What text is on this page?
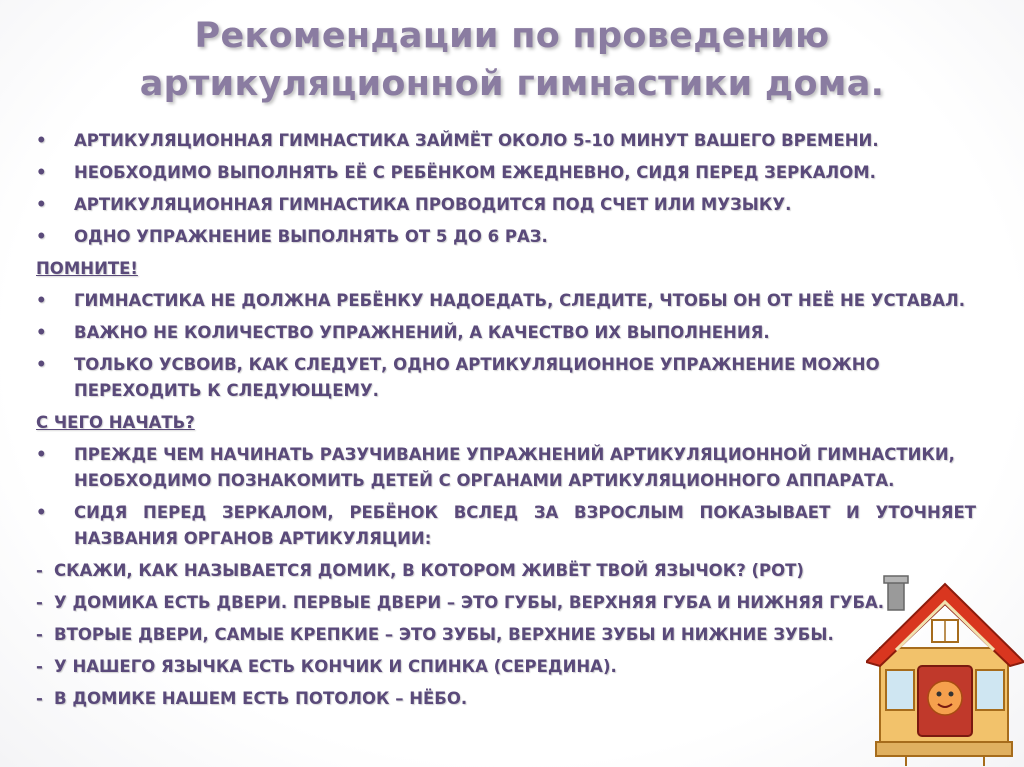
Рекомендации по проведению артикуляционной гимнастики дома.
•	АРТИКУЛЯЦИОННАЯ ГИМНАСТИКА ЗАЙМЁТ ОКОЛО 5-10 МИНУТ ВАШЕГО ВРЕМЕНИ.
•	НЕОБХОДИМО ВЫПОЛНЯТЬ ЕЁ С РЕБЁНКОМ ЕЖЕДНЕВНО, СИДЯ ПЕРЕД ЗЕРКАЛОМ.
•	АРТИКУЛЯЦИОННАЯ ГИМНАСТИКА ПРОВОДИТСЯ ПОД СЧЕТ ИЛИ МУЗЫКУ.
•	ОДНО УПРАЖНЕНИЕ ВЫПОЛНЯТЬ ОТ 5 ДО 6 РАЗ.
ПОМНИТЕ!
•	ГИМНАСТИКА НЕ ДОЛЖНА РЕБЁНКУ НАДОЕДАТЬ, СЛЕДИТЕ, ЧТОБЫ ОН ОТ НЕЁ НЕ УСТАВАЛ.
•	ВАЖНО НЕ КОЛИЧЕСТВО УПРАЖНЕНИЙ, А КАЧЕСТВО ИХ ВЫПОЛНЕНИЯ.
•	ТОЛЬКО УСВОИВ, КАК СЛЕДУЕТ, ОДНО АРТИКУЛЯЦИОННОЕ УПРАЖНЕНИЕ МОЖНО ПЕРЕХОДИТЬ К СЛЕДУЮЩЕМУ.
С ЧЕГО НАЧАТЬ?
•	ПРЕЖДЕ ЧЕМ НАЧИНАТЬ РАЗУЧИВАНИЕ УПРАЖНЕНИЙ АРТИКУЛЯЦИОННОЙ ГИМНАСТИКИ, НЕОБХОДИМО ПОЗНАКОМИТЬ ДЕТЕЙ С ОРГАНАМИ АРТИКУЛЯЦИОННОГО АППАРАТА.
•	СИДЯ ПЕРЕД ЗЕРКАЛОМ, РЕБЁНОК ВСЛЕД ЗА ВЗРОСЛЫМ ПОКАЗЫВАЕТ И УТОЧНЯЕТ НАЗВАНИЯ ОРГАНОВ АРТИКУЛЯЦИИ:
- СКАЖИ, КАК НАЗЫВАЕТСЯ ДОМИК, В КОТОРОМ ЖИВЁТ ТВОЙ ЯЗЫЧОК? (РОТ)
- У ДОМИКА ЕСТЬ ДВЕРИ. ПЕРВЫЕ ДВЕРИ – ЭТО ГУБЫ, ВЕРХНЯЯ ГУБА И НИЖНЯЯ ГУБА.
- ВТОРЫЕ ДВЕРИ, САМЫЕ КРЕПКИЕ – ЭТО ЗУБЫ, ВЕРХНИЕ ЗУБЫ И НИЖНИЕ ЗУБЫ.
- У НАШЕГО ЯЗЫЧКА ЕСТЬ КОНЧИК И СПИНКА (СЕРЕДИНА).
- В ДОМИКЕ НАШЕМ ЕСТЬ ПОТОЛОК – НЁБО.
